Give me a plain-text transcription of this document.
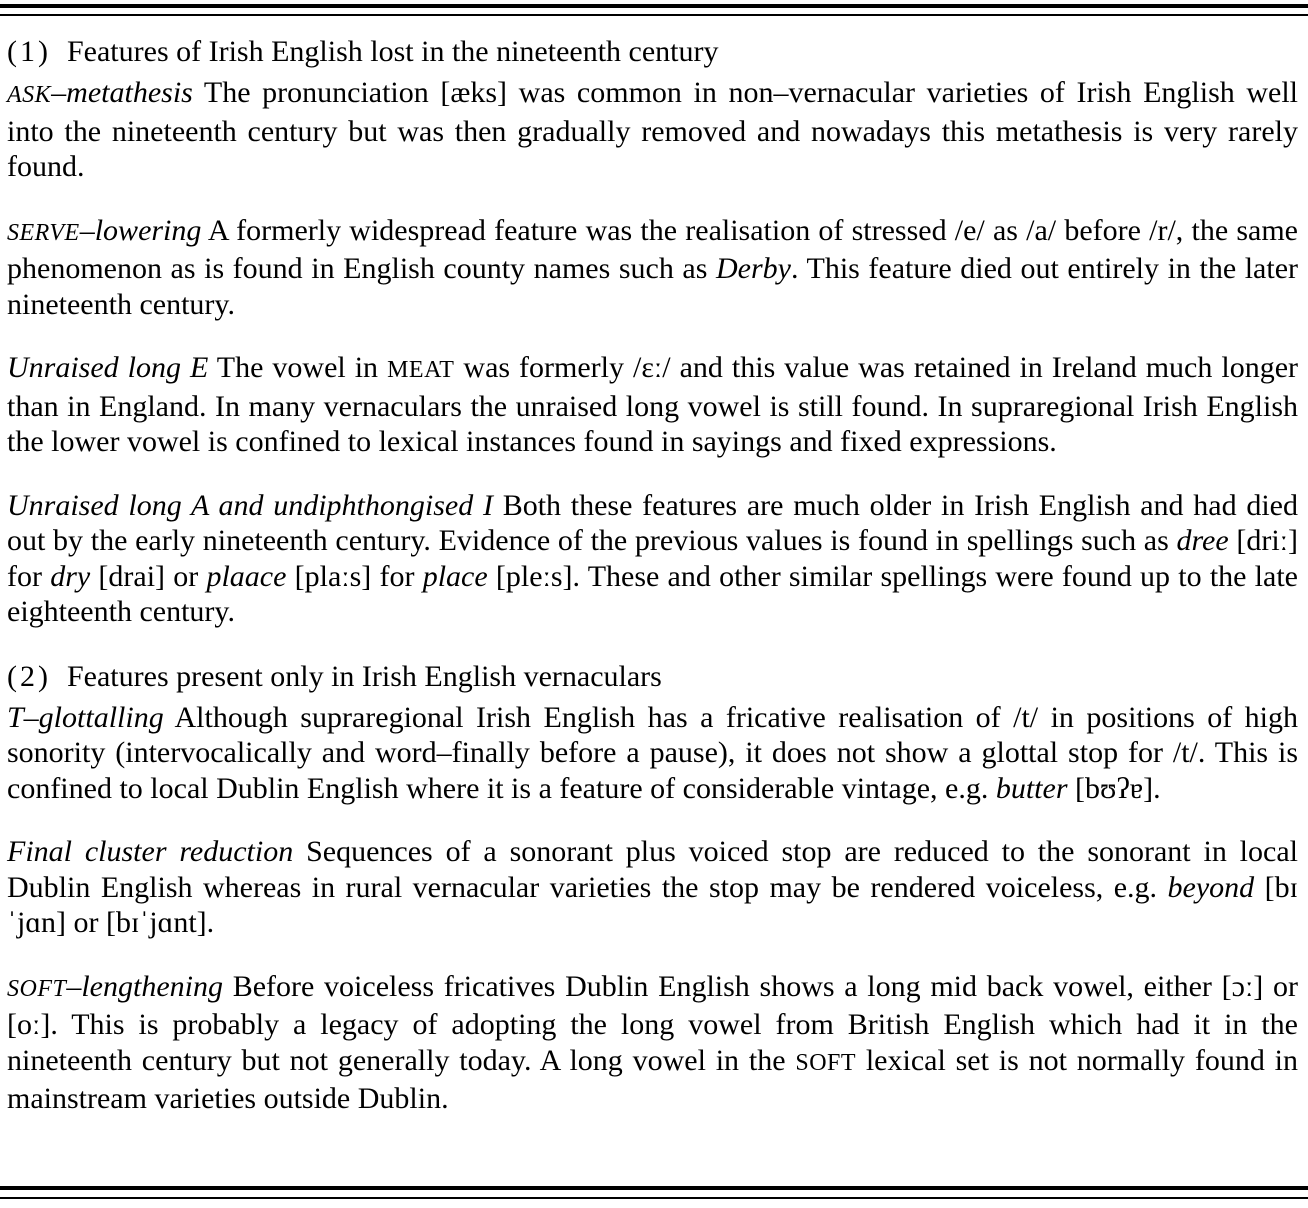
(1) Features of Irish English lost in the nineteenth century

ASK–metathesis The pronunciation [æks] was common in non–vernacular varieties of Irish English well into the nineteenth century but was then gradually removed and nowadays this metathesis is very rarely found.

SERVE–lowering A formerly widespread feature was the realisation of stressed /e/ as /a/ before /r/, the same phenomenon as is found in English county names such as Derby. This feature died out entirely in the later nineteenth century.

Unraised long E The vowel in MEAT was formerly /ɛː/ and this value was retained in Ireland much longer than in England. In many vernaculars the unraised long vowel is still found. In supraregional Irish English the lower vowel is confined to lexical instances found in sayings and fixed expressions.

Unraised long A and undiphthongised I Both these features are much older in Irish English and had died out by the early nineteenth century. Evidence of the previous values is found in spellings such as dree [driː] for dry [drai] or plaace [plaːs] for place [pleːs]. These and other similar spellings were found up to the late eighteenth century.

(2) Features present only in Irish English vernaculars

T–glottalling Although supraregional Irish English has a fricative realisation of /t/ in positions of high sonority (intervocalically and word–finally before a pause), it does not show a glottal stop for /t/. This is confined to local Dublin English where it is a feature of considerable vintage, e.g. butter [bʊʔɐ].

Final cluster reduction Sequences of a sonorant plus voiced stop are reduced to the sonorant in local Dublin English whereas in rural vernacular varieties the stop may be rendered voiceless, e.g. beyond [bɪˈjɑn] or [bɪˈjɑnt].

SOFT–lengthening Before voiceless fricatives Dublin English shows a long mid back vowel, either [ɔː] or [oː]. This is probably a legacy of adopting the long vowel from British English which had it in the nineteenth century but not generally today. A long vowel in the SOFT lexical set is not normally found in mainstream varieties outside Dublin.
